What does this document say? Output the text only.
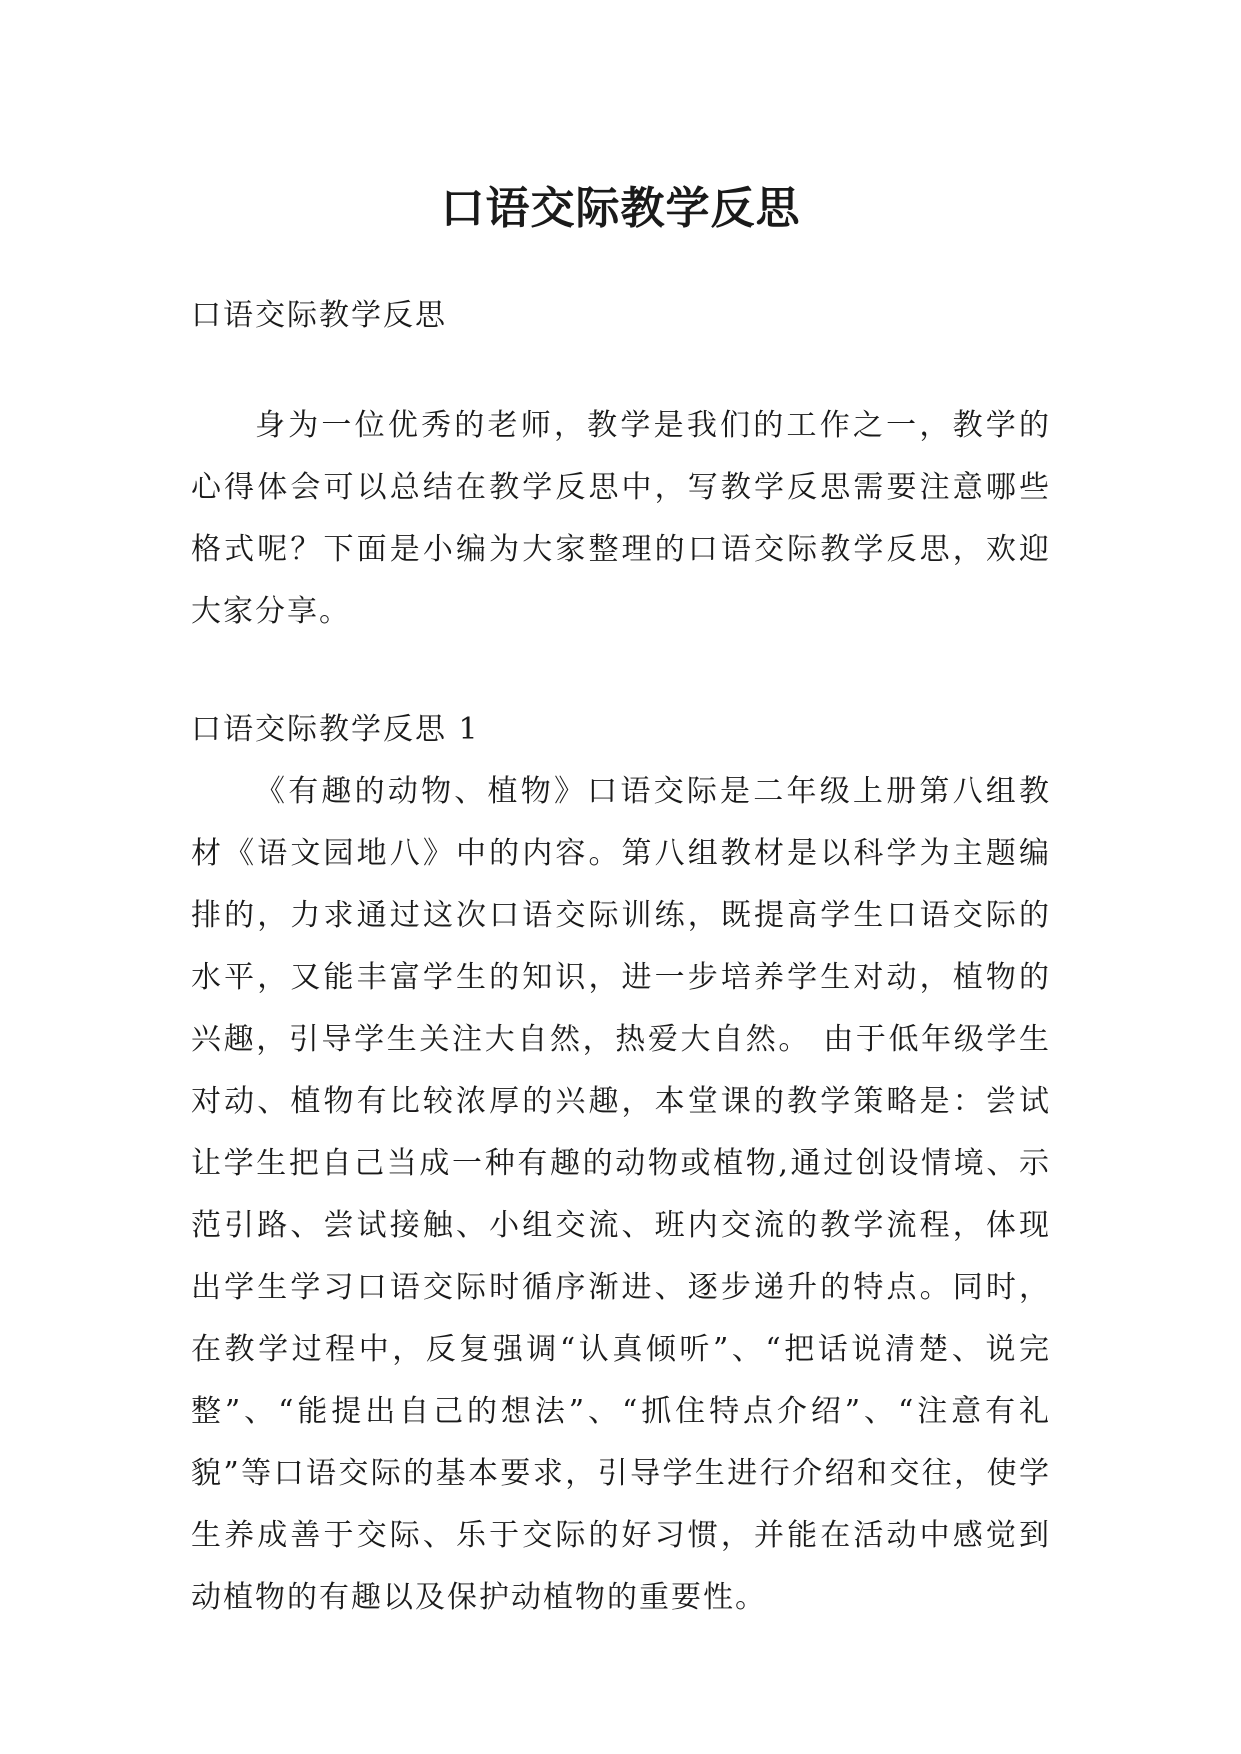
口语交际教学反思

口语交际教学反思

身为一位优秀的老师，教学是我们的工作之一，教学的心得体会可以总结在教学反思中，写教学反思需要注意哪些格式呢？下面是小编为大家整理的口语交际教学反思，欢迎大家分享。

口语交际教学反思 1

《有趣的动物、植物》口语交际是二年级上册第八组教材《语文园地八》中的内容。第八组教材是以科学为主题编排的，力求通过这次口语交际训练，既提高学生口语交际的水平，又能丰富学生的知识，进一步培养学生对动，植物的兴趣，引导学生关注大自然，热爱大自然。 由于低年级学生对动、植物有比较浓厚的兴趣，本堂课的教学策略是：尝试让学生把自己当成一种有趣的动物或植物,通过创设情境、示范引路、尝试接触、小组交流、班内交流的教学流程，体现出学生学习口语交际时循序渐进、逐步递升的特点。同时，在教学过程中，反复强调“认真倾听”、“把话说清楚、说完整”、“能提出自己的想法”、“抓住特点介绍”、“注意有礼貌”等口语交际的基本要求，引导学生进行介绍和交往，使学生养成善于交际、乐于交际的好习惯，并能在活动中感觉到动植物的有趣以及保护动植物的重要性。
